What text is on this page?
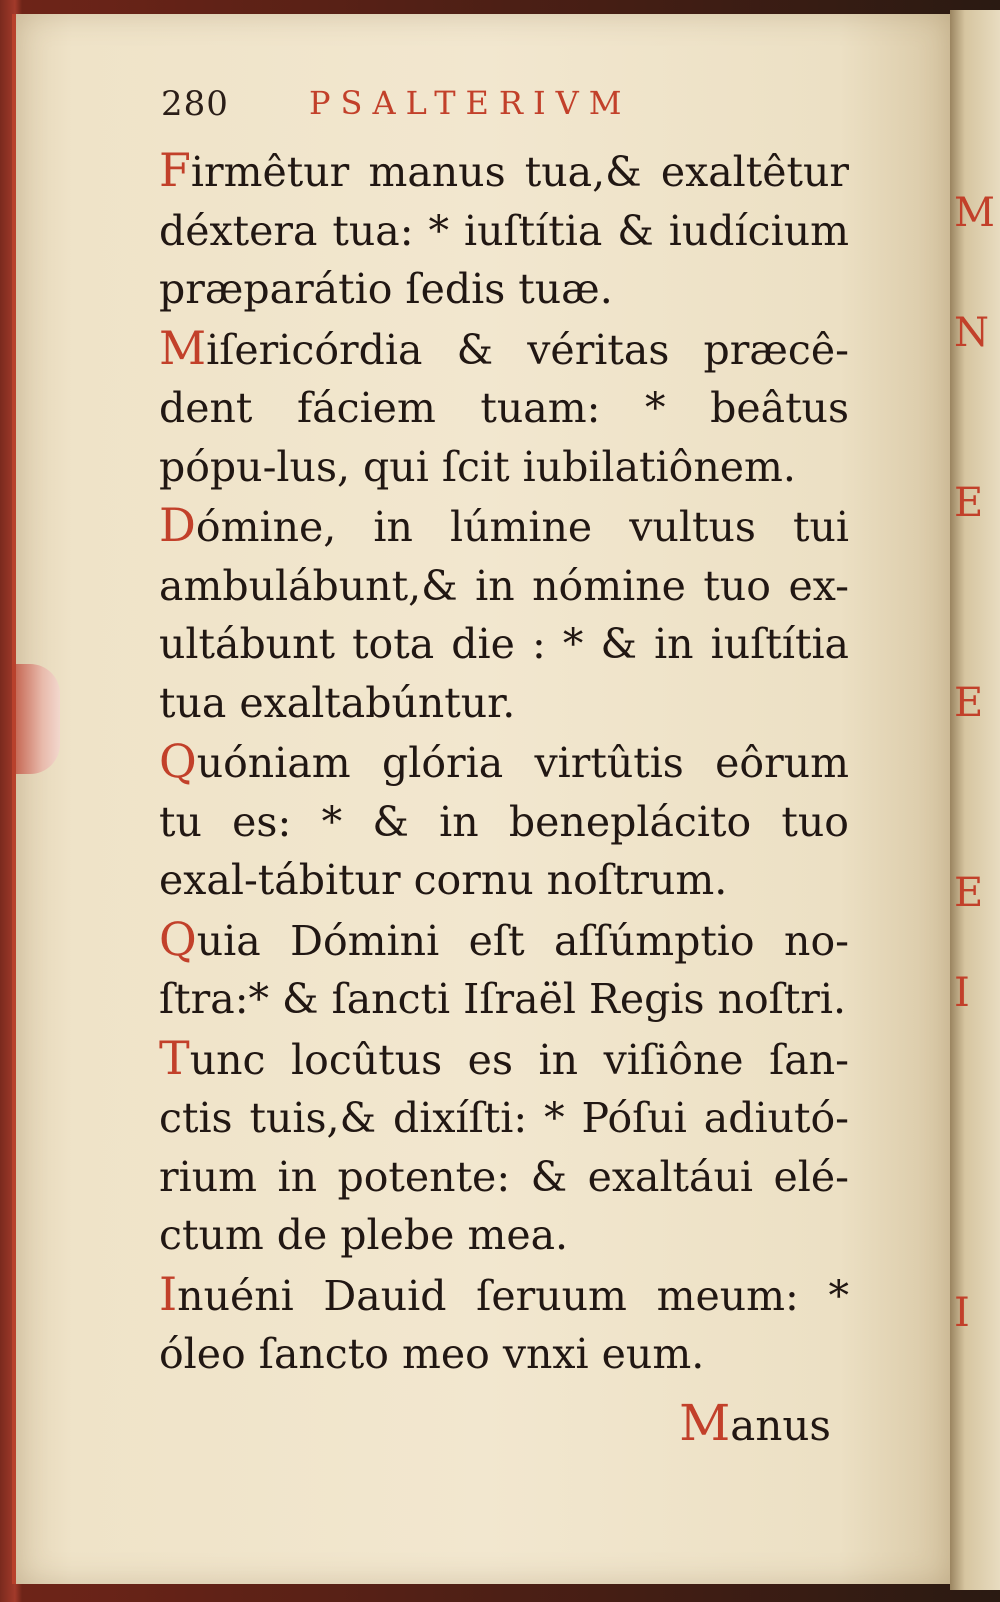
280	PSALTERIVM

Firmêtur manus tua,& exaltêtur déxtera tua: * iuſtítia & iudícium præparátio ſedis tuæ.

Miſericórdia & véritas præcê-dent fáciem tuam: * beâtus pópu-lus, qui ſcit iubilatiônem.

Dómine, in lúmine vultus tui ambulábunt,& in nómine tuo ex-ultábunt tota die : * & in iuſtítia tua exaltabúntur.

Quóniam glória virtûtis eôrum tu es: * & in beneplácito tuo exal-tábitur cornu noſtrum.

Quia Dómini eſt aſſúmptio no-ſtra:* & ſancti Iſraël Regis noſtri.

Tunc locûtus es in viſiône ſan-ctis tuis,& dixíſti: * Póſui adiutó-rium in potente: & exaltáui elé-ctum de plebe mea.

Inuéni Dauid ſeruum meum: * óleo ſancto meo vnxi eum.

Manus
M
N
E
E
E
I
I
